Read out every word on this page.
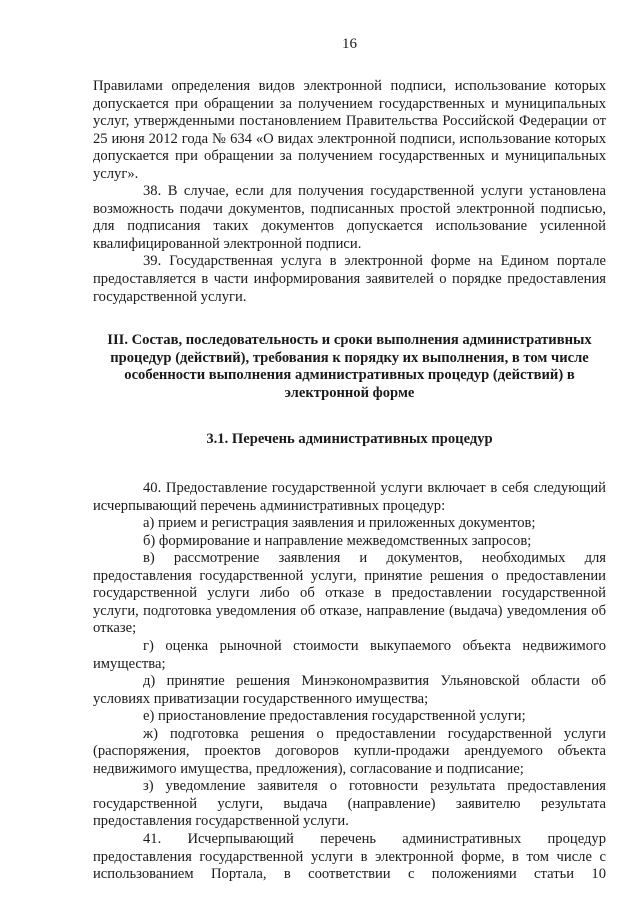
16

Правилами определения видов электронной подписи, использование которых допускается при обращении за получением государственных и муниципальных услуг, утвержденными постановлением Правительства Российской Федерации от 25 июня 2012 года № 634 «О видах электронной подписи, использование которых допускается при обращении за получением государственных и муниципальных услуг».

38. В случае, если для получения государственной услуги установлена возможность подачи документов, подписанных простой электронной подписью, для подписания таких документов допускается использование усиленной квалифицированной электронной подписи.

39. Государственная услуга в электронной форме на Едином портале предоставляется в части информирования заявителей о порядке предоставления государственной услуги.

III. Состав, последовательность и сроки выполнения административных процедур (действий), требования к порядку их выполнения, в том числе особенности выполнения административных процедур (действий) в электронной форме
3.1. Перечень административных процедур

40. Предоставление государственной услуги включает в себя следующий исчерпывающий перечень административных процедур:

а) прием и регистрация заявления и приложенных документов;

б) формирование и направление межведомственных запросов;

в) рассмотрение заявления и документов, необходимых для предоставления государственной услуги, принятие решения о предоставлении государственной услуги либо об отказе в предоставлении государственной услуги, подготовка уведомления об отказе, направление (выдача) уведомления об отказе;

г) оценка рыночной стоимости выкупаемого объекта недвижимого имущества;

д) принятие решения Минэкономразвития Ульяновской области об условиях приватизации государственного имущества;

е) приостановление предоставления государственной услуги;

ж) подготовка решения о предоставлении государственной услуги (распоряжения, проектов договоров купли-продажи арендуемого объекта недвижимого имущества, предложения), согласование и подписание;

з) уведомление заявителя о готовности результата предоставления государственной услуги, выдача (направление) заявителю результата предоставления государственной услуги.

41. Исчерпывающий перечень административных процедур предоставления государственной услуги в электронной форме, в том числе с использованием Портала, в соответствии с положениями статьи 10
